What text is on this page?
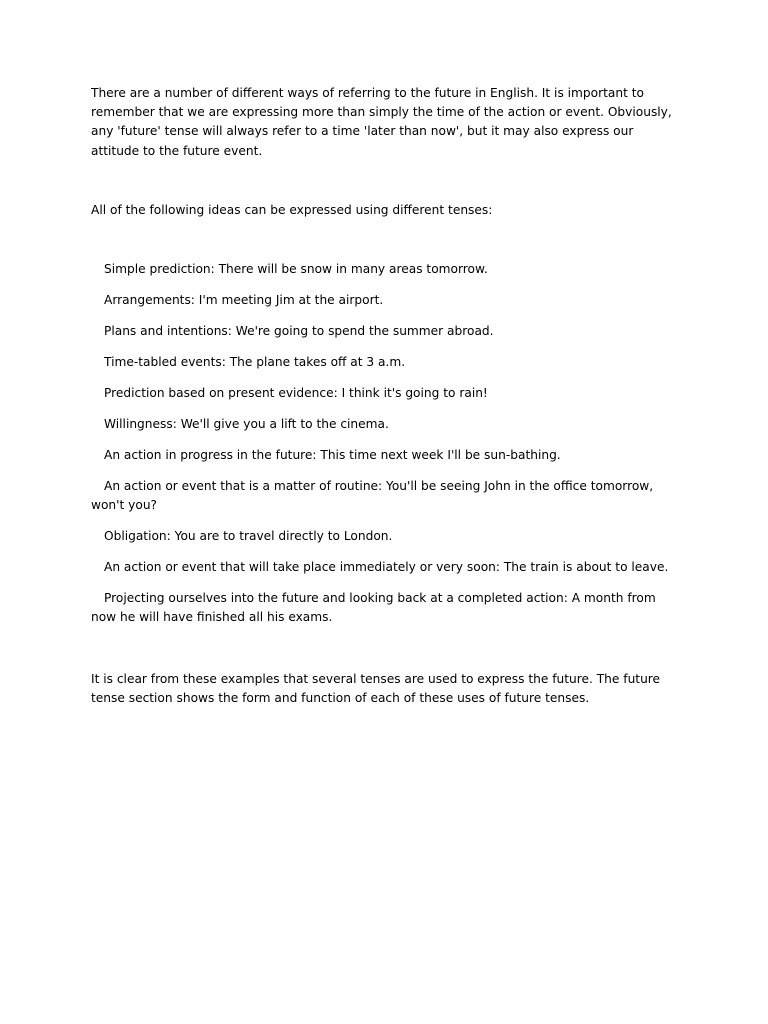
There are a number of different ways of referring to the future in English. It is important to remember that we are expressing more than simply the time of the action or event. Obviously, any 'future' tense will always refer to a time 'later than now', but it may also express our attitude to the future event.

All of the following ideas can be expressed using different tenses:

Simple prediction: There will be snow in many areas tomorrow.
Arrangements: I'm meeting Jim at the airport.
Plans and intentions: We're going to spend the summer abroad.
Time-tabled events: The plane takes off at 3 a.m.
Prediction based on present evidence: I think it's going to rain!
Willingness: We'll give you a lift to the cinema.
An action in progress in the future: This time next week I'll be sun-bathing.
An action or event that is a matter of routine: You'll be seeing John in the office tomorrow, won't you?
Obligation: You are to travel directly to London.
An action or event that will take place immediately or very soon: The train is about to leave.
Projecting ourselves into the future and looking back at a completed action: A month from now he will have finished all his exams.

It is clear from these examples that several tenses are used to express the future. The future tense section shows the form and function of each of these uses of future tenses.
